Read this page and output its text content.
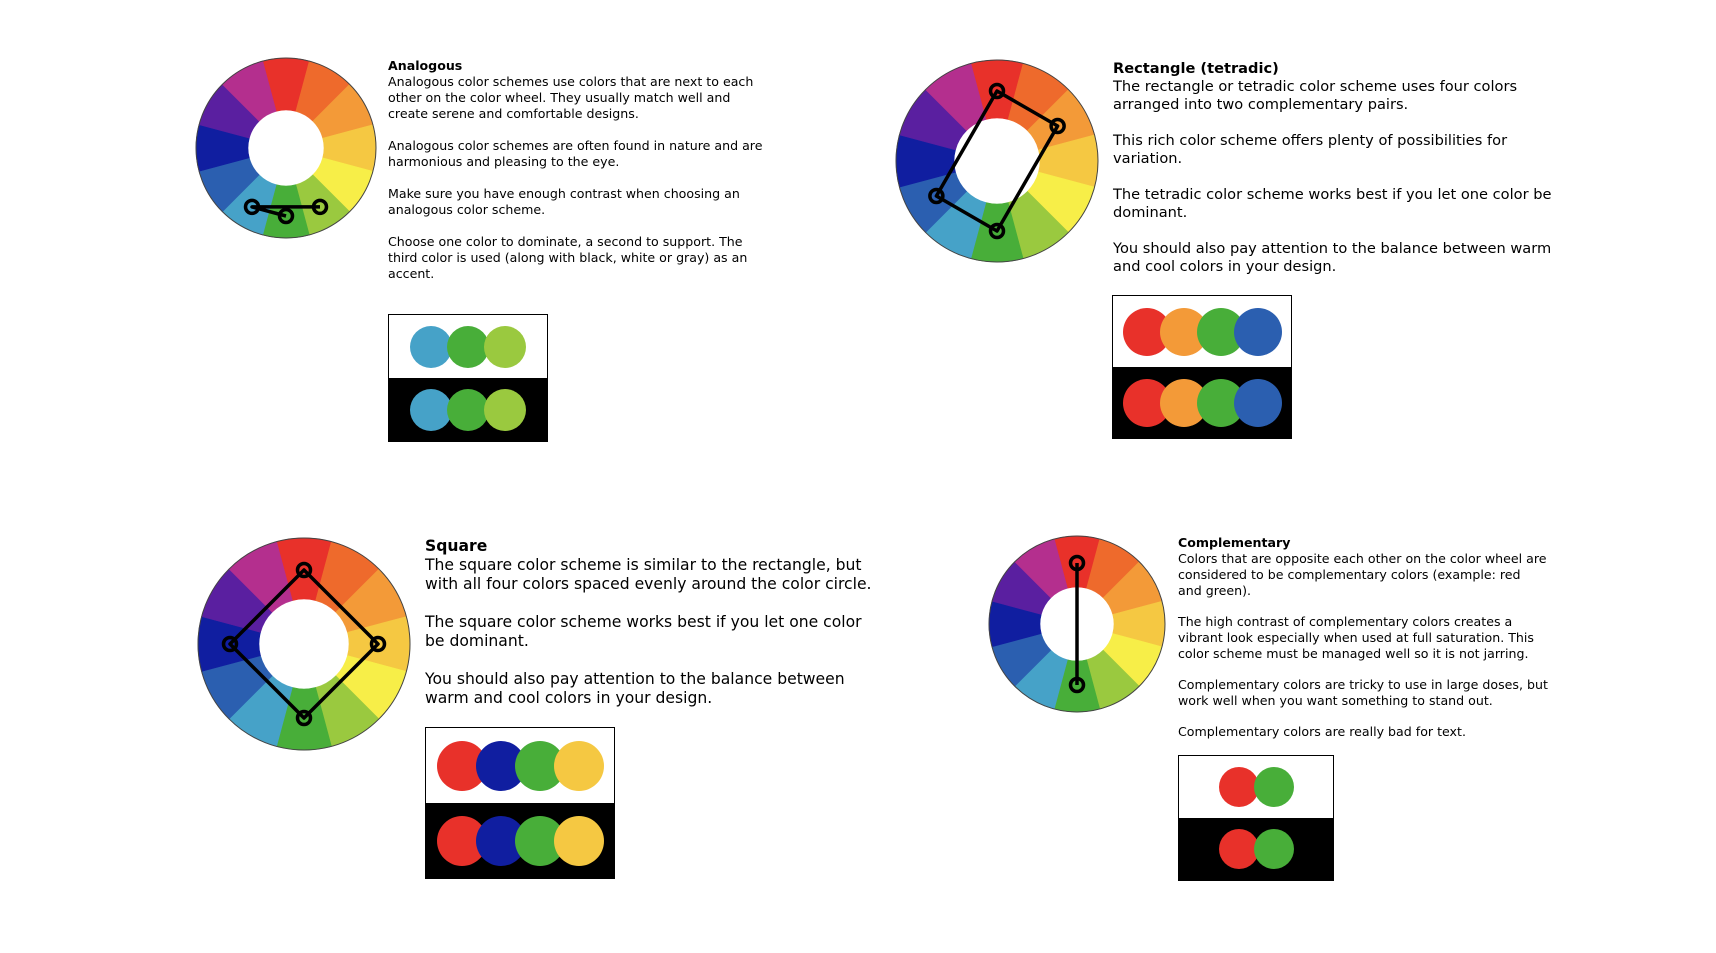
Analogous

Analogous color schemes use colors that are next to each other on the color wheel. They usually match well and create serene and comfortable designs.

Analogous color schemes are often found in nature and are harmonious and pleasing to the eye.

Make sure you have enough contrast when choosing an analogous color scheme.

Choose one color to dominate, a second to support. The third color is used (along with black, white or gray) as an accent.

Rectangle (tetradic)

The rectangle or tetradic color scheme uses four colors arranged into two complementary pairs.

This rich color scheme offers plenty of possibilities for variation.

The tetradic color scheme works best if you let one color be dominant.

You should also pay attention to the balance between warm and cool colors in your design.

Square

The square color scheme is similar to the rectangle, but with all four colors spaced evenly around the color circle.

The square color scheme works best if you let one color be dominant.

You should also pay attention to the balance between warm and cool colors in your design.

Complementary

Colors that are opposite each other on the color wheel are considered to be complementary colors (example: red and green).

The high contrast of complementary colors creates a vibrant look especially when used at full saturation. This color scheme must be managed well so it is not jarring.

Complementary colors are tricky to use in large doses, but work well when you want something to stand out.

Complementary colors are really bad for text.
